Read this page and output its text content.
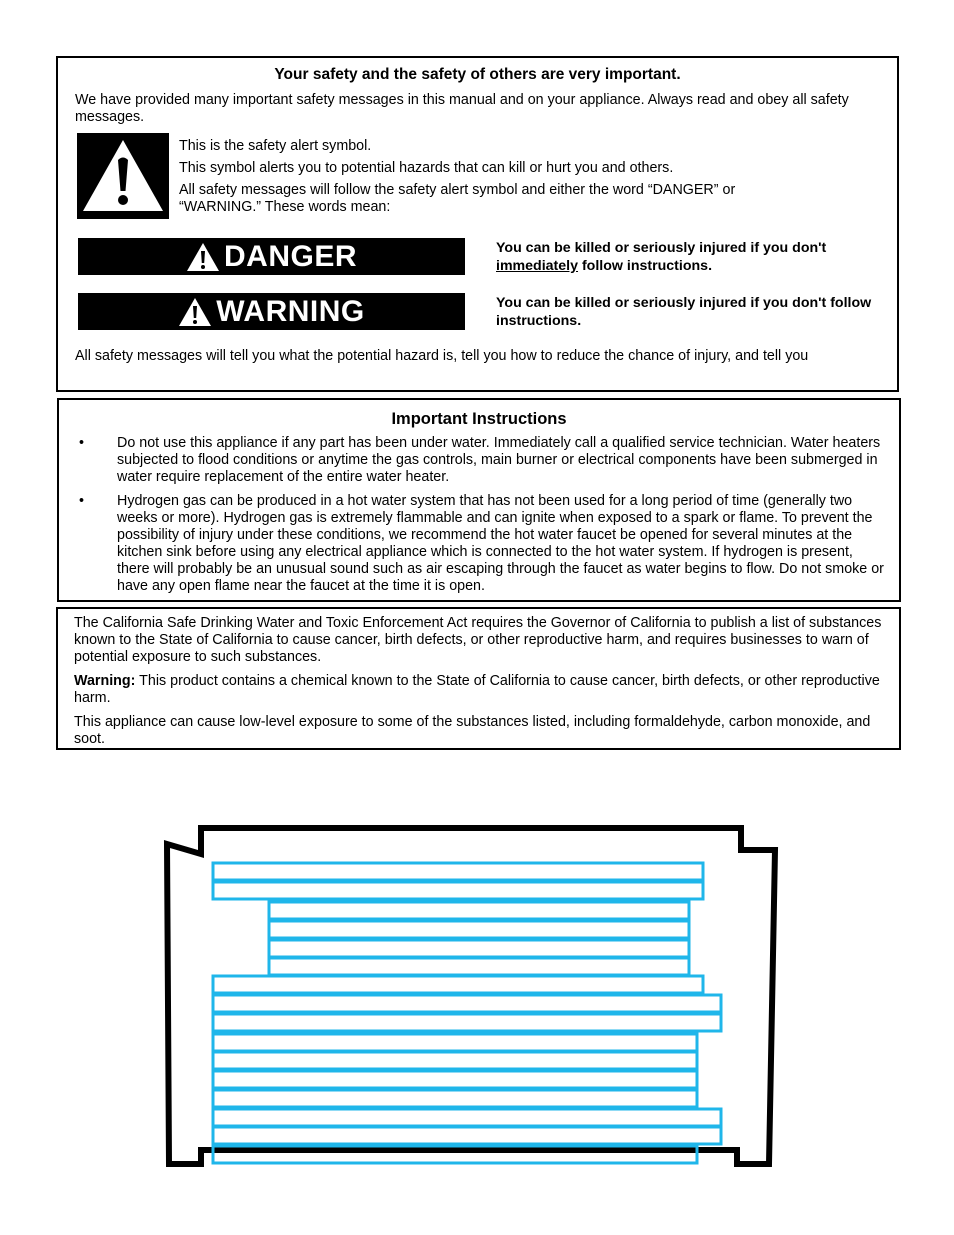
Your safety and the safety of others are very important.

We have provided many important safety messages in this manual and on your appliance. Always read and obey all safety messages.

This is the safety alert symbol.

This symbol alerts you to potential hazards that can kill or hurt you and others.

All safety messages will follow the safety alert symbol and either the word “DANGER” or “WARNING.” These words mean:

DANGER	You can be killed or seriously injured if you don't immediately follow instructions.

WARNING	You can be killed or seriously injured if you don't follow instructions.

All safety messages will tell you what the potential hazard is, tell you how to reduce the chance of injury, and tell you

Important Instructions

• Do not use this appliance if any part has been under water. Immediately call a qualified service technician. Water heaters subjected to flood conditions or anytime the gas controls, main burner or electrical components have been submerged in water require replacement of the entire water heater.

• Hydrogen gas can be produced in a hot water system that has not been used for a long period of time (generally two weeks or more). Hydrogen gas is extremely flammable and can ignite when exposed to a spark or flame. To prevent the possibility of injury under these conditions, we recommend the hot water faucet be opened for several minutes at the kitchen sink before using any electrical appliance which is connected to the hot water system. If hydrogen is present, there will probably be an unusual sound such as air escaping through the faucet as water begins to flow. Do not smoke or have any open flame near the faucet at the time it is open.

The California Safe Drinking Water and Toxic Enforcement Act requires the Governor of California to publish a list of substances known to the State of California to cause cancer, birth defects, or other reproductive harm, and requires businesses to warn of potential exposure to such substances.

Warning: This product contains a chemical known to the State of California to cause cancer, birth defects, or other reproductive harm.

This appliance can cause low-level exposure to some of the substances listed, including formaldehyde, carbon monoxide, and soot.
